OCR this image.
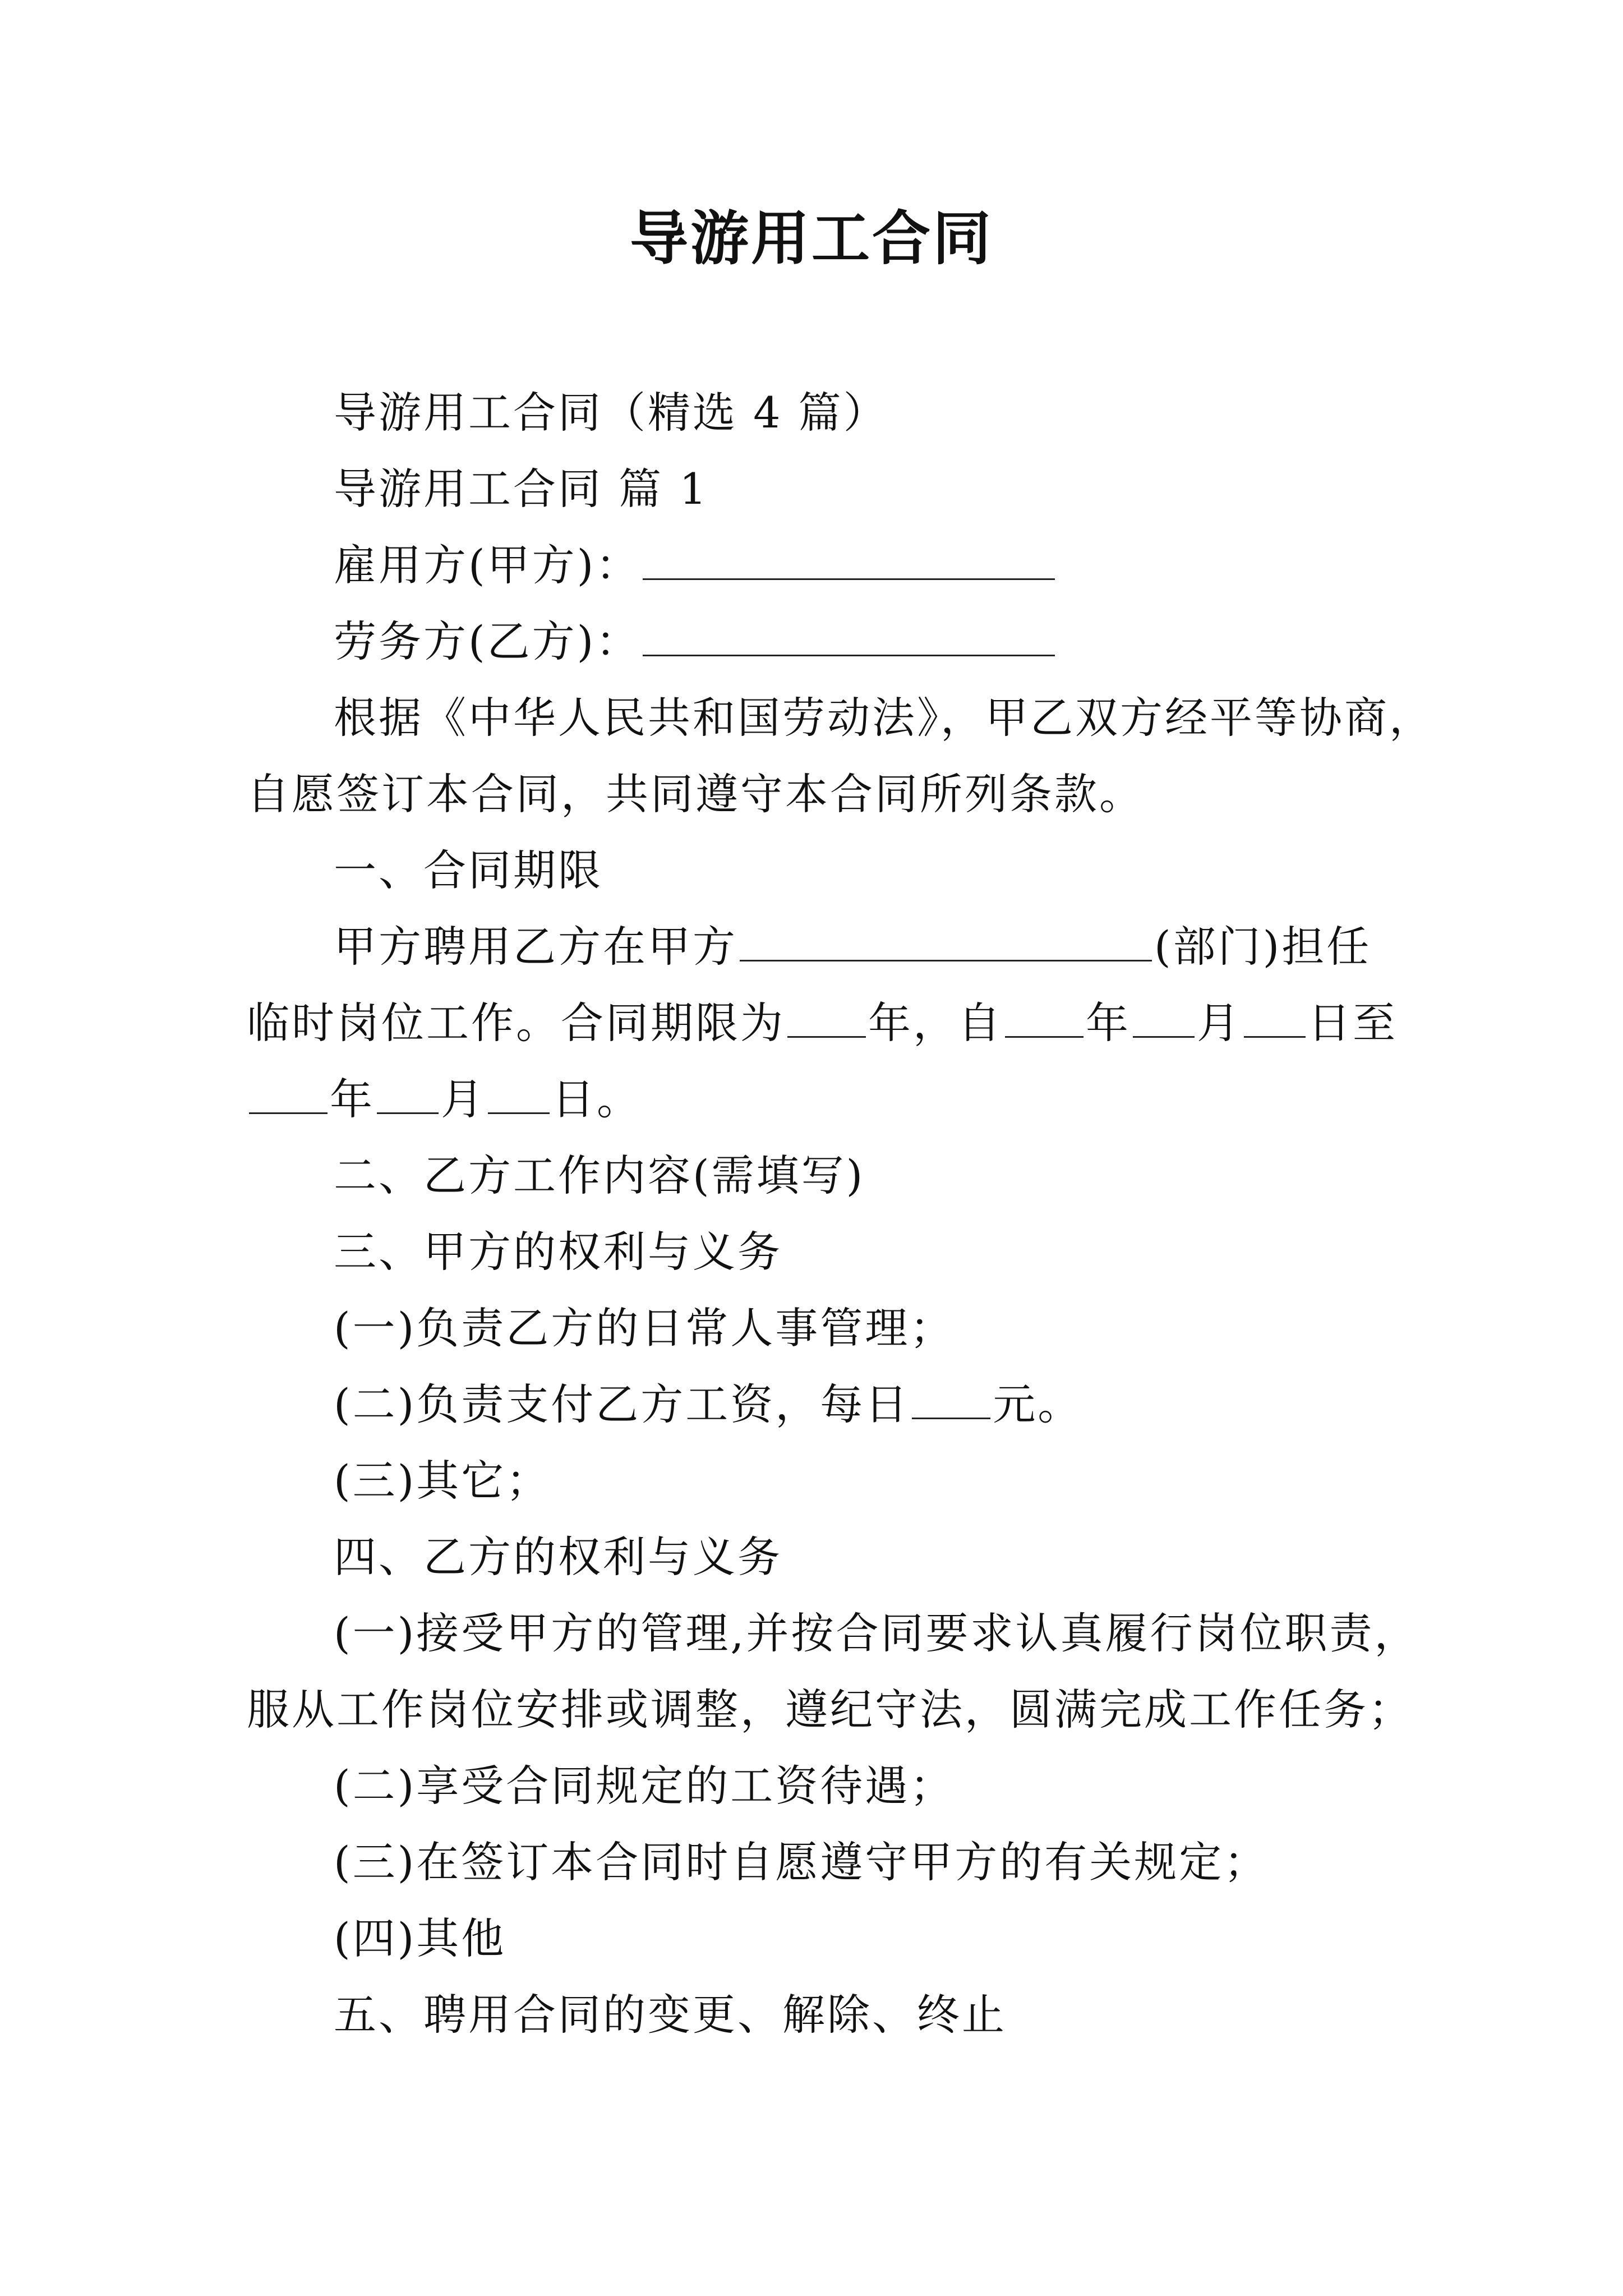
导游用工合同
导游用工合同（精选 4 篇）
导游用工合同 篇 1
雇用方(甲方)：
劳务方(乙方)：
根据《中华人民共和国劳动法》，甲乙双方经平等协商，
自愿签订本合同，共同遵守本合同所列条款。
一、合同期限
甲方聘用乙方在甲方	(部门)担任
临时岗位工作。合同期限为 年，自 年 月 日至
年 月 日。
二、乙方工作内容(需填写)
三、甲方的权利与义务
(一)负责乙方的日常人事管理；
(二)负责支付乙方工资，每日 元。
(三)其它；
四、乙方的权利与义务
(一)接受甲方的管理,并按合同要求认真履行岗位职责，
服从工作岗位安排或调整，遵纪守法，圆满完成工作任务；
(二)享受合同规定的工资待遇；
(三)在签订本合同时自愿遵守甲方的有关规定；
(四)其他
五、聘用合同的变更、解除、终止
